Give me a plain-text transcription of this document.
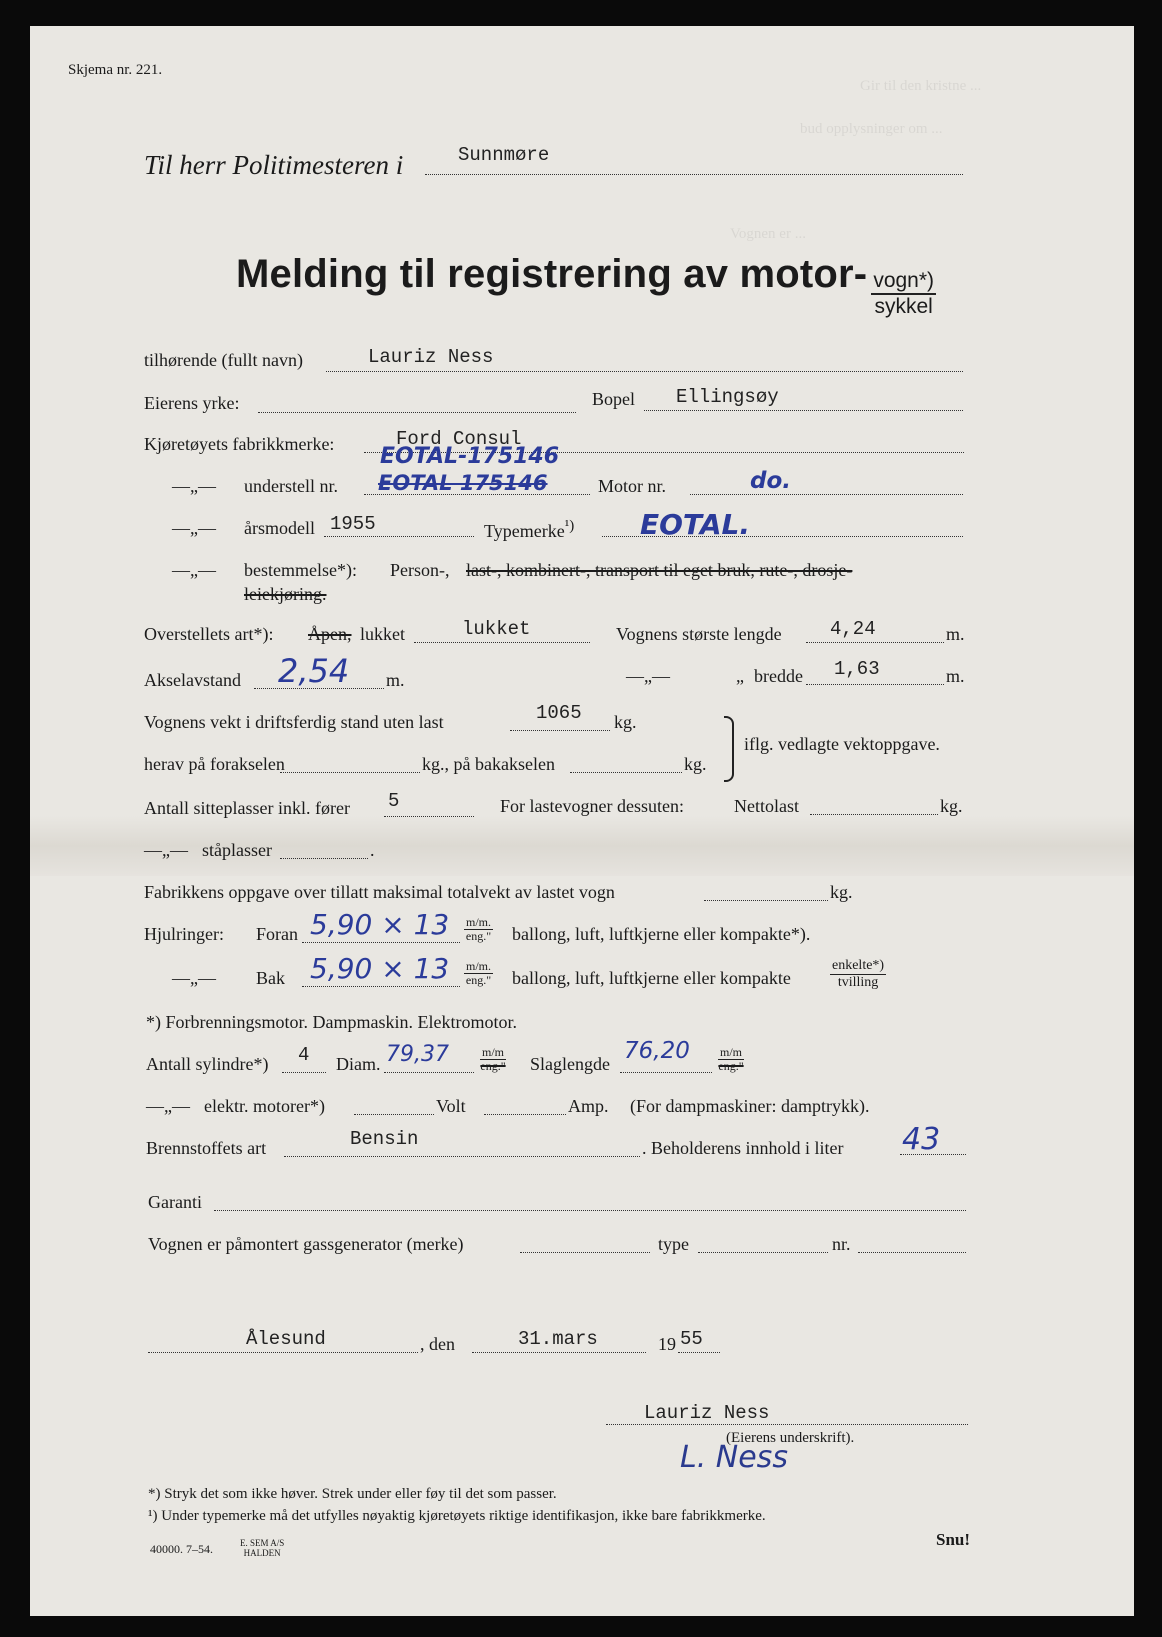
Gir til den kristne ...
bud opplysninger om ...
Vognen er ...
Skjema nr. 221.
Til herr Politimesteren i	Sunnmøre
Melding til registrering av motor- $\frac{\text{vogn*)}}{\text{sykkel}}$
tilhørende (fullt navn)	Lauriz Ness
Eierens yrke:	Bopel Ellingsøy
Kjøretøyets fabrikkmerke:	Ford Consul
EOTAL-175146
—„— understell nr. EOTAL 175146	Motor nr.	do.
—„— årsmodell 1955	Typemerke$^{^1)}$ EOTAL.
—„— bestemmelse*): Person-, last-, kombinert-, transport til eget bruk, rute-, drosje-
leiekjøring.
Overstellets art*): Åpen, lukket	lukket	Vognens største lengde	4,24	m.
Akselavstand 2,54 m.	—„—	„ bredde 1,63	m.
Vognens vekt i driftsferdig stand uten last	1065 kg.
herav på forakselen	kg., på bakakselen	kg.
iflg. vedlagte vektoppgave.
Antall sitteplasser inkl. fører 5	For lastevogner dessuten:	Nettolast	kg.
—„— ståplasser	.
Fabrikkens oppgave over tillatt maksimal totalvekt av lastet vogn	kg.
Hjulringer: Foran $5,90 \times 13 \frac{m/m.}{\text{eng."}}$ ballong, luft, luftkjerne eller kompakte*).
—„— Bak $5,90 \times 13 \frac{m/m.}{\text{eng."}}$ ballong, luft, luftkjerne eller kompakte	$\frac{\text{enkelte*)}}{\text{tvilling}}$
*) Forbrenningsmotor. Dampmaskin. Elektromotor.
Antall sylindre*) 4 Diam. 79,37	$\frac{m/m}{\text{eng."}}$ Slaglengde $76,20 \frac{m/m}{\text{eng."}}$
—„— elektr. motorer*)	Volt	Amp. (For dampmaskiner: damptrykk).
Brennstoffets art	Bensin	. Beholderens innhold i liter 43
Garanti
Vognen er påmontert gassgenerator (merke)	type	nr.
Ålesund	, den	31.mars	19 55
Lauriz Ness
(Eierens underskrift).
L. Ness
*) Stryk det som ikke høver. Strek under eller føy til det som passer.
¹) Under typemerke må det utfylles nøyaktig kjøretøyets riktige identifikasjon, ikke bare fabrikkmerke.
40000. 7–54.	E. SEM A/S
HALDEN
Snu!
